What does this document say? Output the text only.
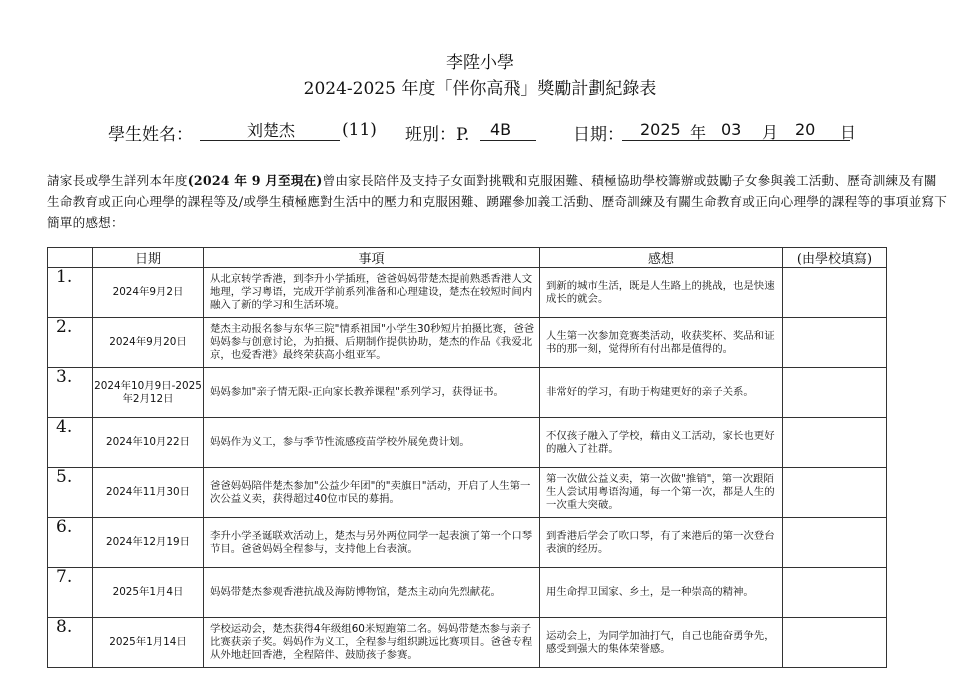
李陞小學
2024-2025 年度「伴你高飛」獎勵計劃紀錄表
學生姓名：	刘楚杰	(11) 班別：P. 4B	日期： 2025 年 03 月 20 日
請家長或學生詳列本年度(2024 年 9 月至現在)曾由家長陪伴及支持子女面對挑戰和克服困難、積極協助學校籌辦或鼓勵子女參與義工活動、歷奇訓練及有關生命教育或正向心理學的課程等及/或學生積極應對生活中的壓力和克服困難、踴躍參加義工活動、歷奇訓練及有關生命教育或正向心理學的課程等的事項並寫下簡單的感想：
	日期	事項	感想	(由學校填寫)
1.	2024年9月2日	从北京转学香港，到李升小学插班，爸爸妈妈带楚杰提前熟悉香港人文地理，学习粤语，完成开学前系列准备和心理建设，楚杰在较短时间内融入了新的学习和生活环境。	到新的城市生活，既是人生路上的挑战，也是快速成长的就会。	
2.	2024年9月20日	楚杰主动报名参与东华三院"情系祖国"小学生30秒短片拍摄比赛，爸爸妈妈参与创意讨论，为拍摄、后期制作提供协助，楚杰的作品《我爱北京，也爱香港》最终荣获高小组亚军。	人生第一次参加竞赛类活动，收获奖杯、奖品和证书的那一刻，觉得所有付出都是值得的。	
3.	2024年10月9日-2025年2月12日	妈妈参加"亲子情无限-正向家长教养课程"系列学习，获得证书。	非常好的学习，有助于构建更好的亲子关系。	
4.	2024年10月22日	妈妈作为义工，参与季节性流感疫苗学校外展免费计划。	不仅孩子融入了学校，藉由义工活动，家长也更好的融入了社群。	
5.	2024年11月30日	爸爸妈妈陪伴楚杰参加"公益少年团"的"卖旗日"活动，开启了人生第一次公益义卖，获得超过40位市民的募捐。	第一次做公益义卖，第一次做"推销"，第一次跟陌生人尝试用粤语沟通，每一个第一次，都是人生的一次重大突破。	
6.	2024年12月19日	李升小学圣诞联欢活动上，楚杰与另外两位同学一起表演了第一个口琴节目。爸爸妈妈全程参与，支持他上台表演。	到香港后学会了吹口琴，有了来港后的第一次登台表演的经历。	
7.	2025年1月4日	妈妈带楚杰参观香港抗战及海防博物馆，楚杰主动向先烈献花。	用生命捍卫国家、乡土，是一种崇高的精神。	
8.	2025年1月14日	学校运动会，楚杰获得4年级组60米短跑第二名。妈妈带楚杰参与亲子比赛获亲子奖。妈妈作为义工，全程参与组织跳远比赛项目。爸爸专程从外地赶回香港，全程陪伴、鼓励孩子参赛。	运动会上，为同学加油打气，自己也能奋勇争先，感受到强大的集体荣誉感。	
